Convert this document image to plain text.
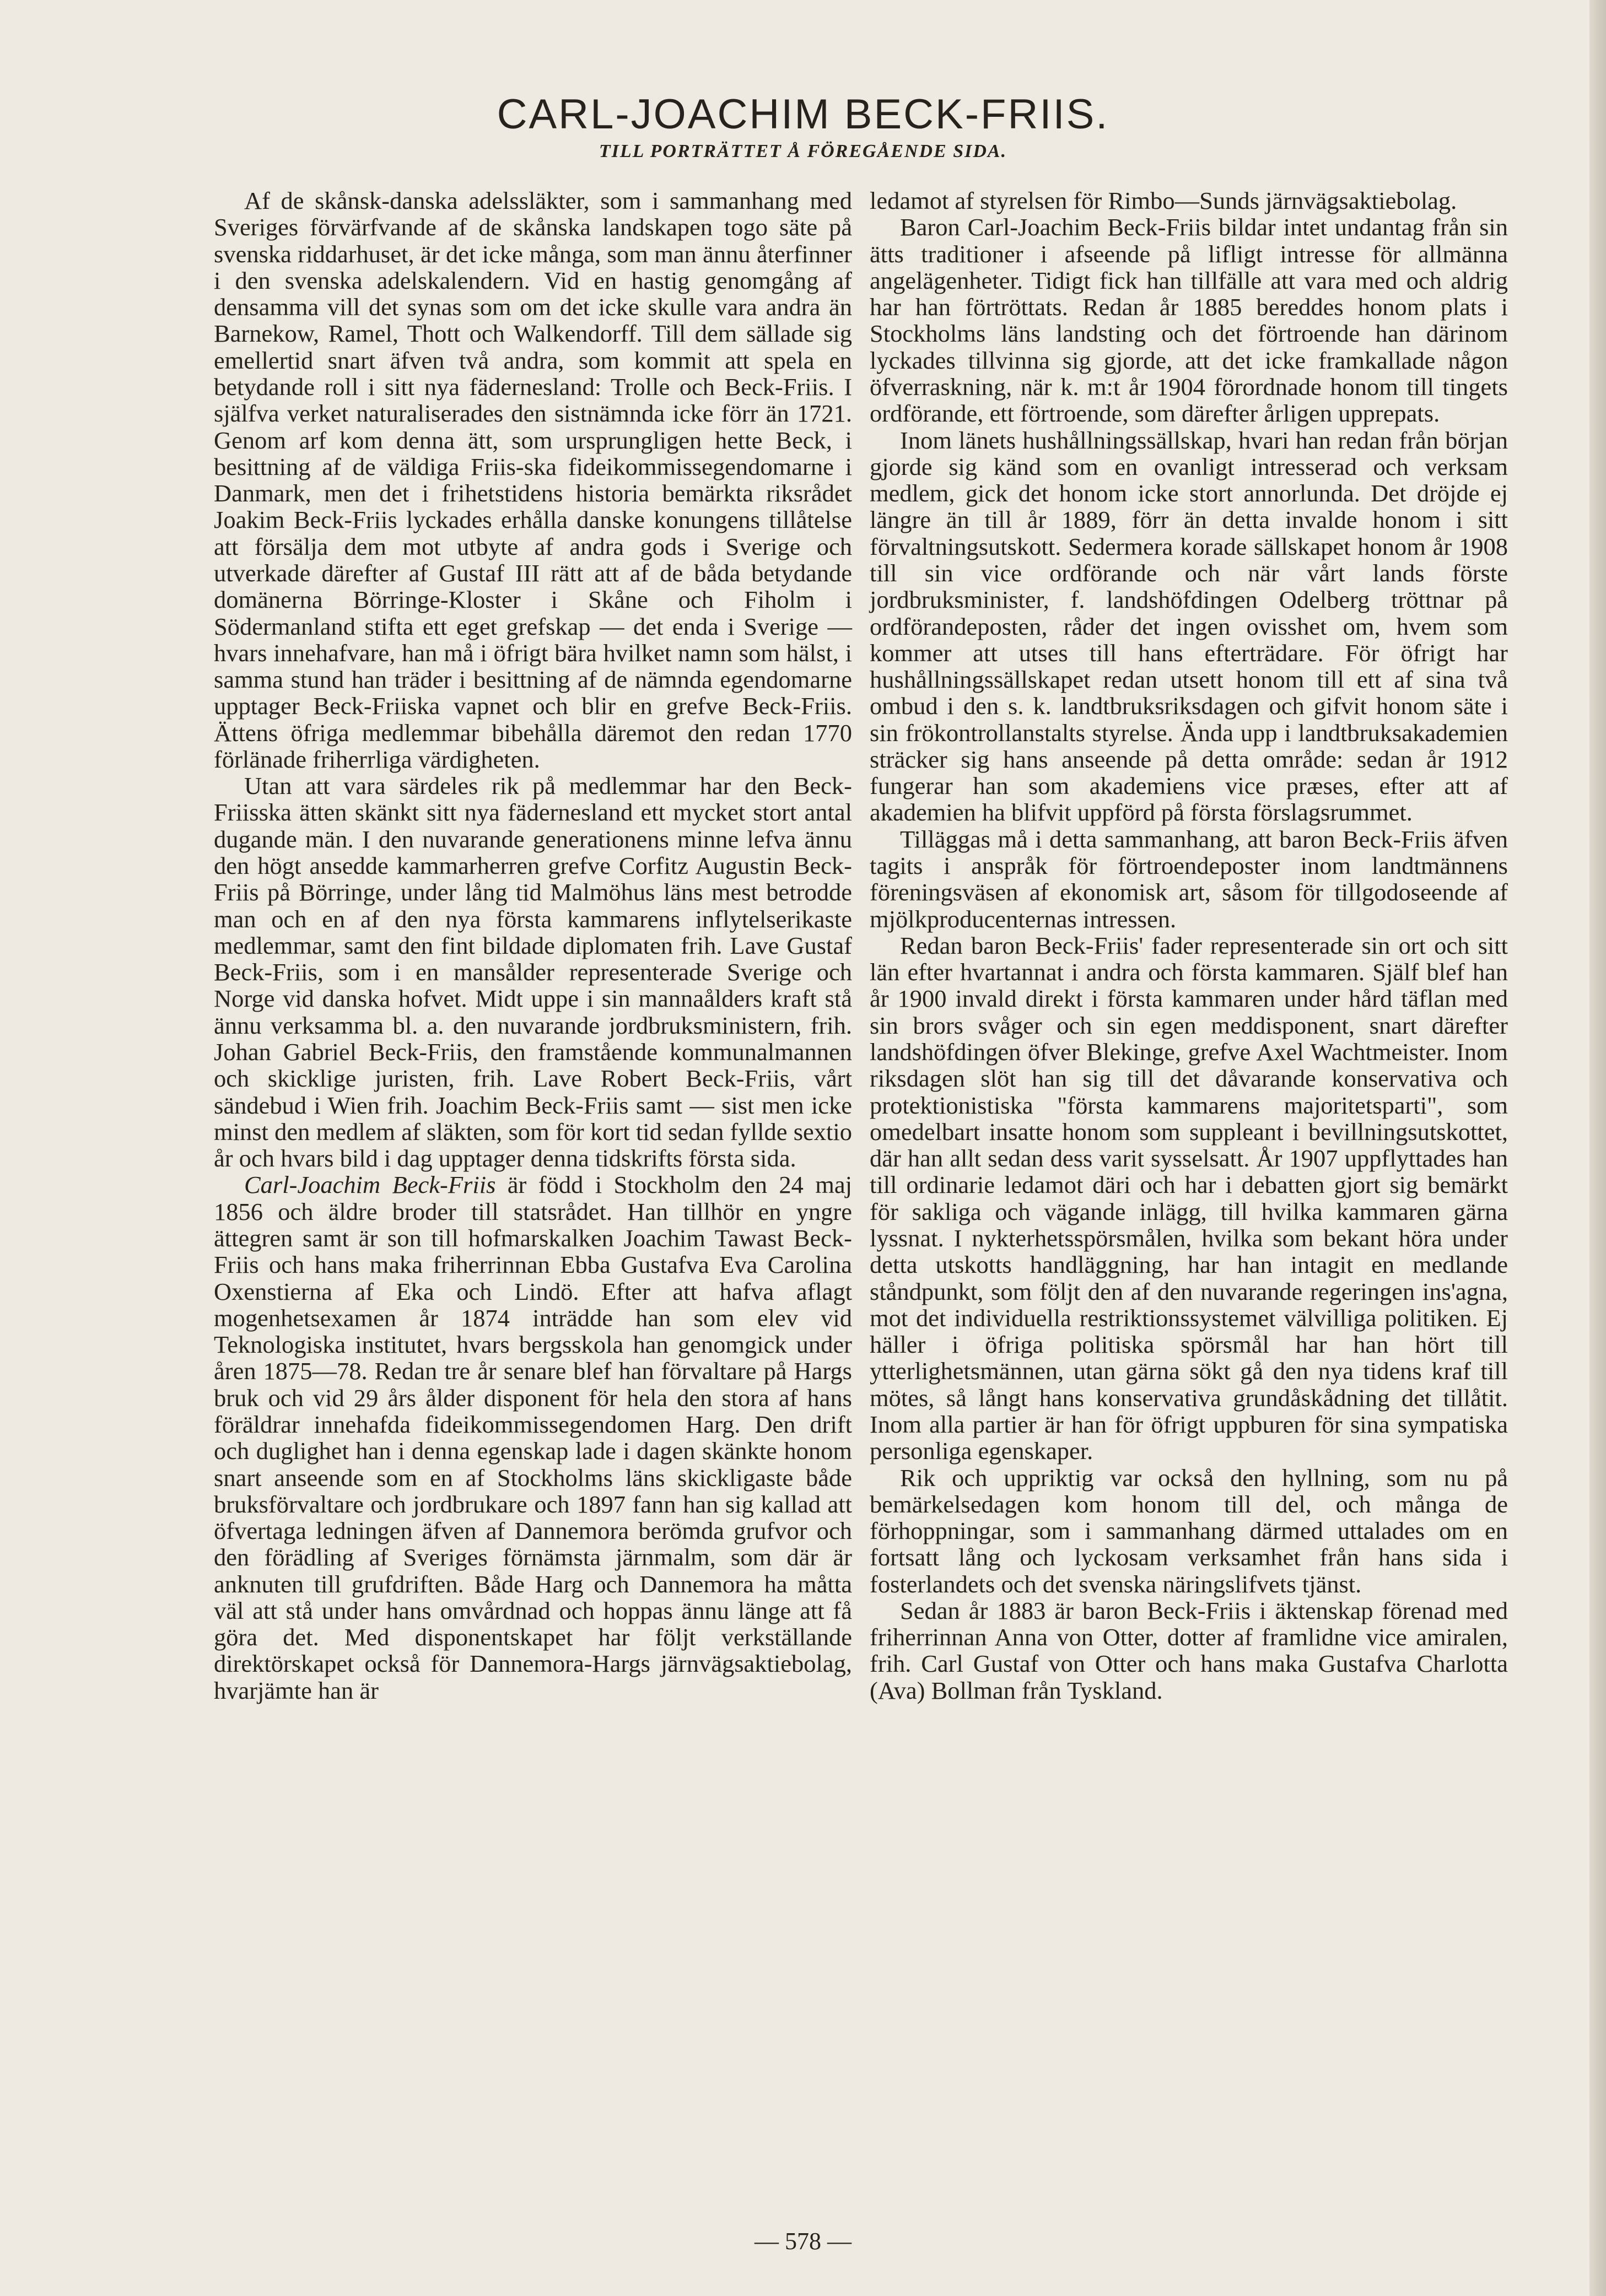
CARL-JOACHIM BECK-FRIIS.
TILL PORTRÄTTET Å FÖREGÅENDE SIDA.

Af de skånsk-danska adelssläkter, som i sammanhang med Sveriges förvärfvande af de skånska landskapen togo säte på svenska riddarhuset, är det icke många, som man ännu återfinner i den svenska adelskalendern. Vid en hastig genomgång af densamma vill det synas som om det icke skulle vara andra än Barnekow, Ramel, Thott och Walkendorff. Till dem sällade sig emellertid snart äfven två andra, som kommit att spela en betydande roll i sitt nya fädernesland: Trolle och Beck-Friis. I själfva verket naturaliserades den sistnämnda icke förr än 1721. Genom arf kom denna ätt, som ursprungligen hette Beck, i besittning af de väldiga Friis-ska fideikommissegendomarne i Danmark, men det i frihetstidens historia bemärkta riksrådet Joakim Beck-Friis lyckades erhålla danske konungens tillåtelse att försälja dem mot utbyte af andra gods i Sverige och utverkade därefter af Gustaf III rätt att af de båda betydande domänerna Börringe-Kloster i Skåne och Fiholm i Södermanland stifta ett eget grefskap — det enda i Sverige — hvars innehafvare, han må i öfrigt bära hvilket namn som hälst, i samma stund han träder i besittning af de nämnda egendomarne upptager Beck-Friiska vapnet och blir en grefve Beck-Friis. Ättens öfriga medlemmar bibehålla däremot den redan 1770 förlänade friherrliga värdigheten.

Utan att vara särdeles rik på medlemmar har den Beck-Friisska ätten skänkt sitt nya fädernesland ett mycket stort antal dugande män. I den nuvarande generationens minne lefva ännu den högt ansedde kammarherren grefve Corfitz Augustin Beck-Friis på Börringe, under lång tid Malmöhus läns mest betrodde man och en af den nya första kammarens inflytelserikaste medlemmar, samt den fint bildade diplomaten frih. Lave Gustaf Beck-Friis, som i en mansålder representerade Sverige och Norge vid danska hofvet. Midt uppe i sin mannaålders kraft stå ännu verksamma bl. a. den nuvarande jordbruksministern, frih. Johan Gabriel Beck-Friis, den framstående kommunalmannen och skicklige juristen, frih. Lave Robert Beck-Friis, vårt sändebud i Wien frih. Joachim Beck-Friis samt — sist men icke minst den medlem af släkten, som för kort tid sedan fyllde sextio år och hvars bild i dag upptager denna tidskrifts första sida.

Carl-Joachim Beck-Friis är född i Stockholm den 24 maj 1856 och äldre broder till statsrådet. Han tillhör en yngre ättegren samt är son till hofmarskalken Joachim Tawast Beck-Friis och hans maka friherrinnan Ebba Gustafva Eva Carolina Oxenstierna af Eka och Lindö. Efter att hafva aflagt mogenhetsexamen år 1874 inträdde han som elev vid Teknologiska institutet, hvars bergsskola han genomgick under åren 1875—78. Redan tre år senare blef han förvaltare på Hargs bruk och vid 29 års ålder disponent för hela den stora af hans föräldrar innehafda fideikommissegendomen Harg. Den drift och duglighet han i denna egenskap lade i dagen skänkte honom snart anseende som en af Stockholms läns skickligaste både bruksförvaltare och jordbrukare och 1897 fann han sig kallad att öfvertaga ledningen äfven af Dannemora berömda grufvor och den förädling af Sveriges förnämsta järnmalm, som där är anknuten till grufdriften. Både Harg och Dannemora ha måtta väl att stå under hans omvårdnad och hoppas ännu länge att få göra det. Med disponentskapet har följt verkställande direktörskapet också för Dannemora-Hargs järnvägsaktiebolag, hvarjämte han är

ledamot af styrelsen för Rimbo—Sunds järnvägsaktiebolag.

Baron Carl-Joachim Beck-Friis bildar intet undantag från sin ätts traditioner i afseende på lifligt intresse för allmänna angelägenheter. Tidigt fick han tillfälle att vara med och aldrig har han förtröttats. Redan år 1885 bereddes honom plats i Stockholms läns landsting och det förtroende han därinom lyckades tillvinna sig gjorde, att det icke framkallade någon öfverraskning, när k. m:t år 1904 förordnade honom till tingets ordförande, ett förtroende, som därefter årligen upprepats.

Inom länets hushållningssällskap, hvari han redan från början gjorde sig känd som en ovanligt intresserad och verksam medlem, gick det honom icke stort annorlunda. Det dröjde ej längre än till år 1889, förr än detta invalde honom i sitt förvaltningsutskott. Sedermera korade sällskapet honom år 1908 till sin vice ordförande och när vårt lands förste jordbruksminister, f. landshöfdingen Odelberg tröttnar på ordförandeposten, råder det ingen ovisshet om, hvem som kommer att utses till hans efterträdare. För öfrigt har hushållningssällskapet redan utsett honom till ett af sina två ombud i den s. k. landtbruksriksdagen och gifvit honom säte i sin frökontrollanstalts styrelse. Ända upp i landtbruksakademien sträcker sig hans anseende på detta område: sedan år 1912 fungerar han som akademiens vice præses, efter att af akademien ha blifvit uppförd på första förslagsrummet.

Tilläggas må i detta sammanhang, att baron Beck-Friis äfven tagits i anspråk för förtroendeposter inom landtmännens föreningsväsen af ekonomisk art, såsom för tillgodoseende af mjölkproducenternas intressen.

Redan baron Beck-Friis' fader representerade sin ort och sitt län efter hvartannat i andra och första kammaren. Själf blef han år 1900 invald direkt i första kammaren under hård täflan med sin brors svåger och sin egen meddisponent, snart därefter landshöfdingen öfver Blekinge, grefve Axel Wachtmeister. Inom riksdagen slöt han sig till det dåvarande konservativa och protektionistiska "första kammarens majoritetsparti", som omedelbart insatte honom som suppleant i bevillningsutskottet, där han allt sedan dess varit sysselsatt. År 1907 uppflyttades han till ordinarie ledamot däri och har i debatten gjort sig bemärkt för sakliga och vägande inlägg, till hvilka kammaren gärna lyssnat. I nykterhetsspörsmålen, hvilka som bekant höra under detta utskotts handläggning, har han intagit en medlande ståndpunkt, som följt den af den nuvarande regeringen ins'agna, mot det individuella restriktionssystemet välvilliga politiken. Ej häller i öfriga politiska spörsmål har han hört till ytterlighetsmännen, utan gärna sökt gå den nya tidens kraf till mötes, så långt hans konservativa grundåskådning det tillåtit. Inom alla partier är han för öfrigt uppburen för sina sympatiska personliga egenskaper.

Rik och uppriktig var också den hyllning, som nu på bemärkelsedagen kom honom till del, och många de förhoppningar, som i sammanhang därmed uttalades om en fortsatt lång och lyckosam verksamhet från hans sida i fosterlandets och det svenska näringslifvets tjänst.

Sedan år 1883 är baron Beck-Friis i äktenskap förenad med friherrinnan Anna von Otter, dotter af framlidne vice amiralen, frih. Carl Gustaf von Otter och hans maka Gustafva Charlotta (Ava) Bollman från Tyskland.

— 578 —
